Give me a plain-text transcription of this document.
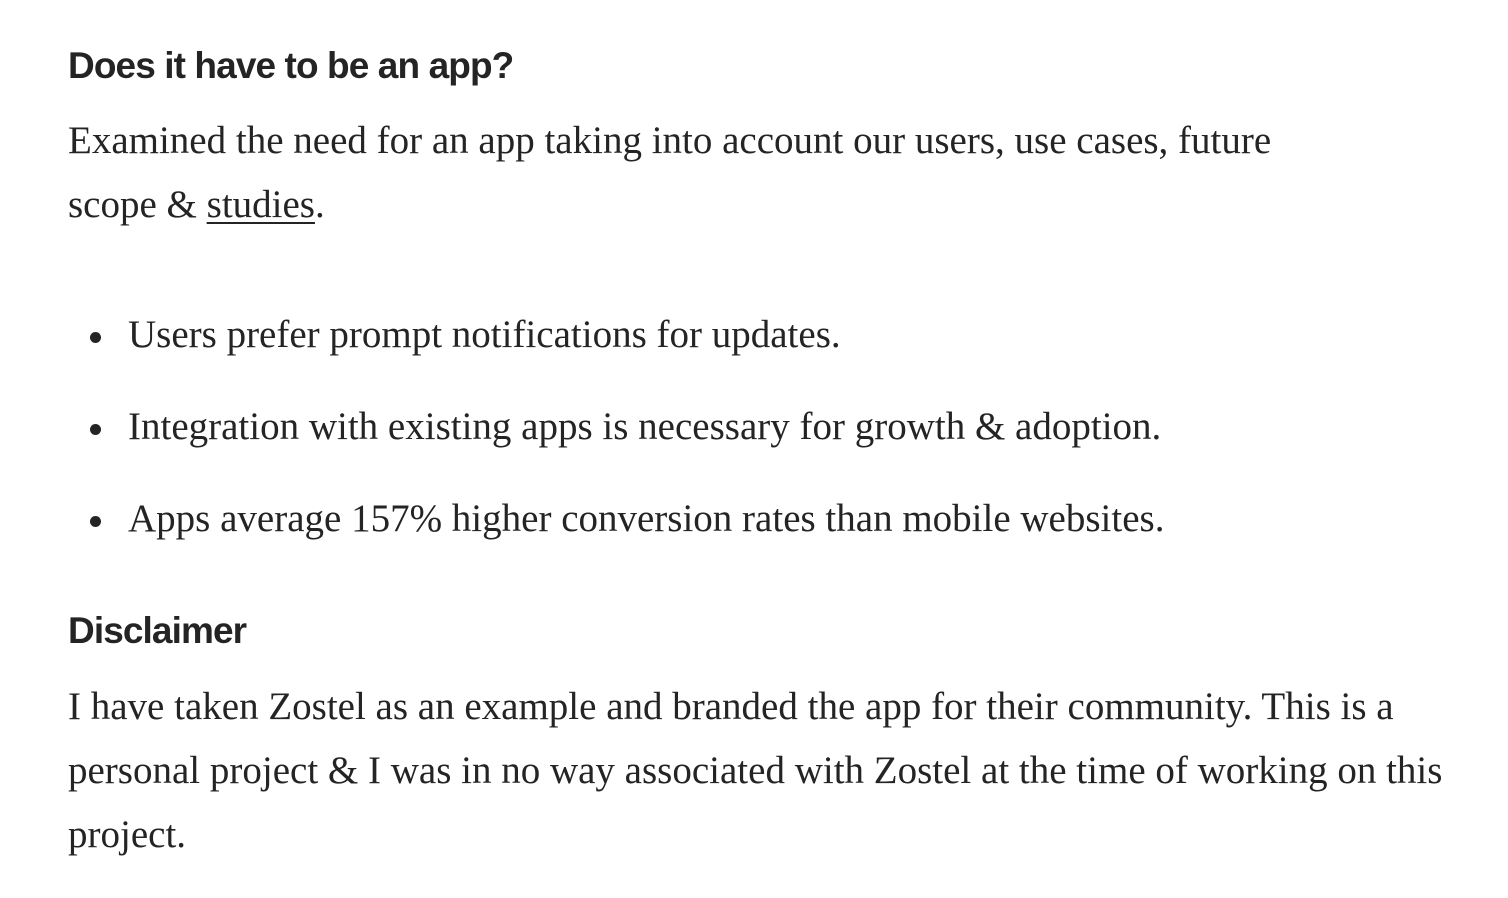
Does it have to be an app?

Examined the need for an app taking into account our users, use cases, future scope & studies.

Users prefer prompt notifications for updates.
Integration with existing apps is necessary for growth & adoption.
Apps average 157% higher conversion rates than mobile websites.
Disclaimer

I have taken Zostel as an example and branded the app for their community. This is a personal project & I was in no way associated with Zostel at the time of working on this project.
